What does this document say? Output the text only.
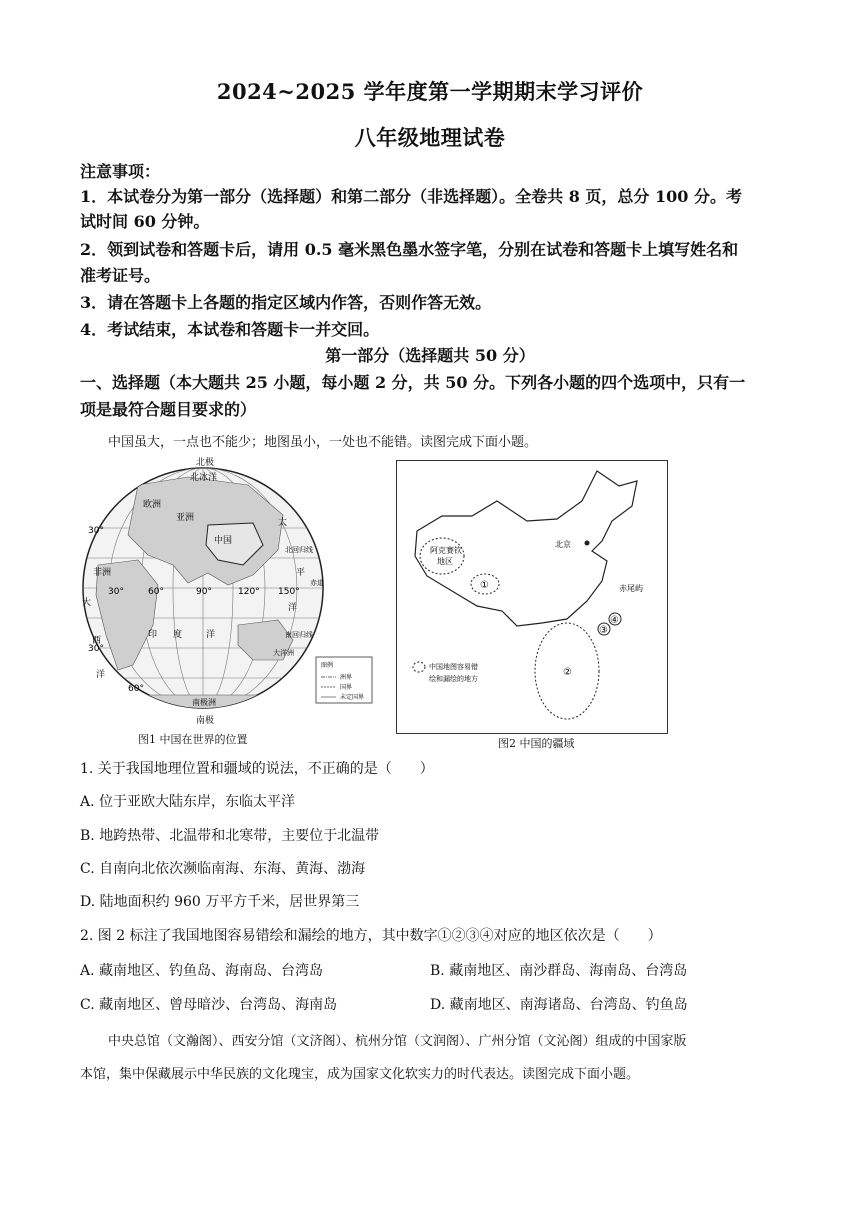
2024~2025 学年度第一学期期末学习评价
八年级地理试卷
注意事项：
1．本试卷分为第一部分（选择题）和第二部分（非选择题）。全卷共 8 页，总分 100 分。考
试时间 60 分钟。
2．领到试卷和答题卡后，请用 0.5 毫米黑色墨水签字笔，分别在试卷和答题卡上填写姓名和
准考证号。
3．请在答题卡上各题的指定区域内作答，否则作答无效。
4．考试结束，本试卷和答题卡一并交回。
第一部分（选择题共 50 分）
一、选择题（本大题共 25 小题，每小题 2 分，共 50 分。下列各小题的四个选项中，只有一
项是最符合题目要求的）
中国虽大，一点也不能少；地图虽小，一处也不能错。读图完成下面小题。
北极
北冰洋
欧洲
亚洲
中国
非洲
太
平
洋
印 度	洋
大
西
洋
北回归线
赤道
南回归线
大洋洲
南极洲
南极
30°
30°
60°
30°	60°	90°	120° 150°
图例
洲界
国界
未定国界
图1 中国在世界的位置
北京
阿克赛钦
地区
①	赤尾屿
④
③
②
中国地图容易错
绘和漏绘的地方
图2 中国的疆域
1. 关于我国地理位置和疆域的说法，不正确的是（　　）
A. 位于亚欧大陆东岸，东临太平洋
B. 地跨热带、北温带和北寒带，主要位于北温带
C. 自南向北依次濒临南海、东海、黄海、渤海
D. 陆地面积约 960 万平方千米，居世界第三
2. 图 2 标注了我国地图容易错绘和漏绘的地方，其中数字①②③④对应的地区依次是（　　）
A. 藏南地区、钓鱼岛、海南岛、台湾岛	B. 藏南地区、南沙群岛、海南岛、台湾岛
C. 藏南地区、曾母暗沙、台湾岛、海南岛	D. 藏南地区、南海诸岛、台湾岛、钓鱼岛
中央总馆（文瀚阁）、西安分馆（文济阁）、杭州分馆（文润阁）、广州分馆（文沁阁）组成的中国家版
本馆，集中保藏展示中华民族的文化瑰宝，成为国家文化软实力的时代表达。读图完成下面小题。
